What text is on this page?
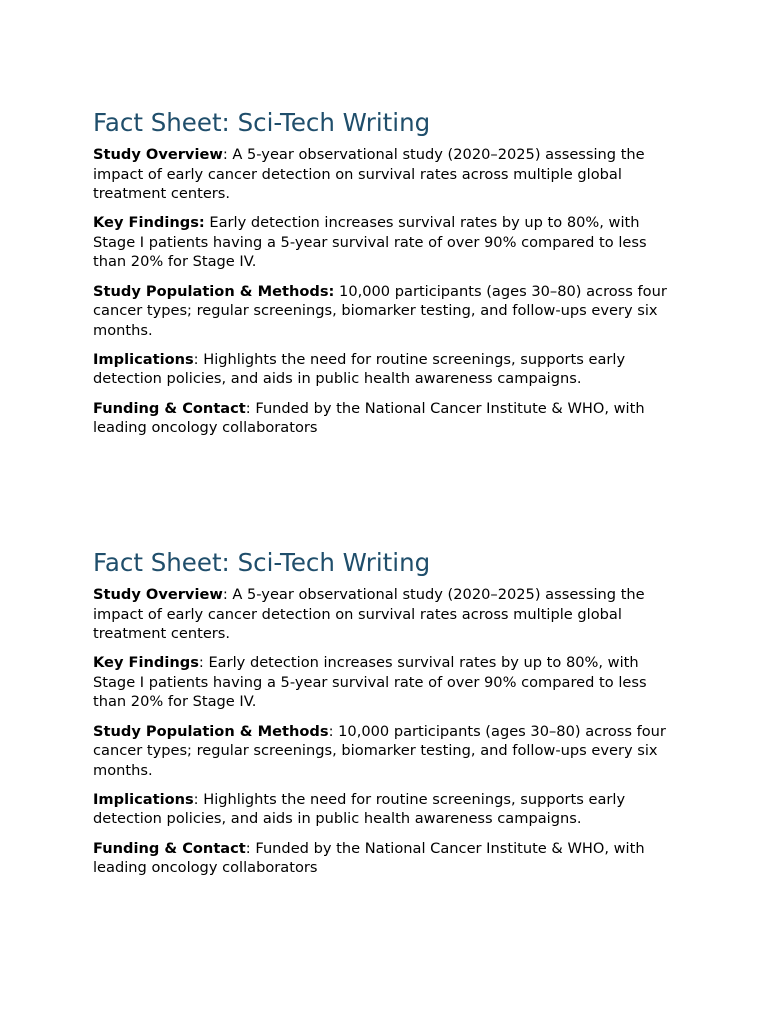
Fact Sheet: Sci-Tech Writing

Study Overview: A 5-year observational study (2020–2025) assessing the impact of early cancer detection on survival rates across multiple global treatment centers.

Key Findings: Early detection increases survival rates by up to 80%, with Stage I patients having a 5-year survival rate of over 90% compared to less than 20% for Stage IV.

Study Population & Methods: 10,000 participants (ages 30–80) across four cancer types; regular screenings, biomarker testing, and follow-ups every six months.

Implications: Highlights the need for routine screenings, supports early detection policies, and aids in public health awareness campaigns.

Funding & Contact: Funded by the National Cancer Institute & WHO, with leading oncology collaborators

Fact Sheet: Sci-Tech Writing

Study Overview: A 5-year observational study (2020–2025) assessing the impact of early cancer detection on survival rates across multiple global treatment centers.

Key Findings: Early detection increases survival rates by up to 80%, with Stage I patients having a 5-year survival rate of over 90% compared to less than 20% for Stage IV.

Study Population & Methods: 10,000 participants (ages 30–80) across four cancer types; regular screenings, biomarker testing, and follow-ups every six months.

Implications: Highlights the need for routine screenings, supports early detection policies, and aids in public health awareness campaigns.

Funding & Contact: Funded by the National Cancer Institute & WHO, with leading oncology collaborators
